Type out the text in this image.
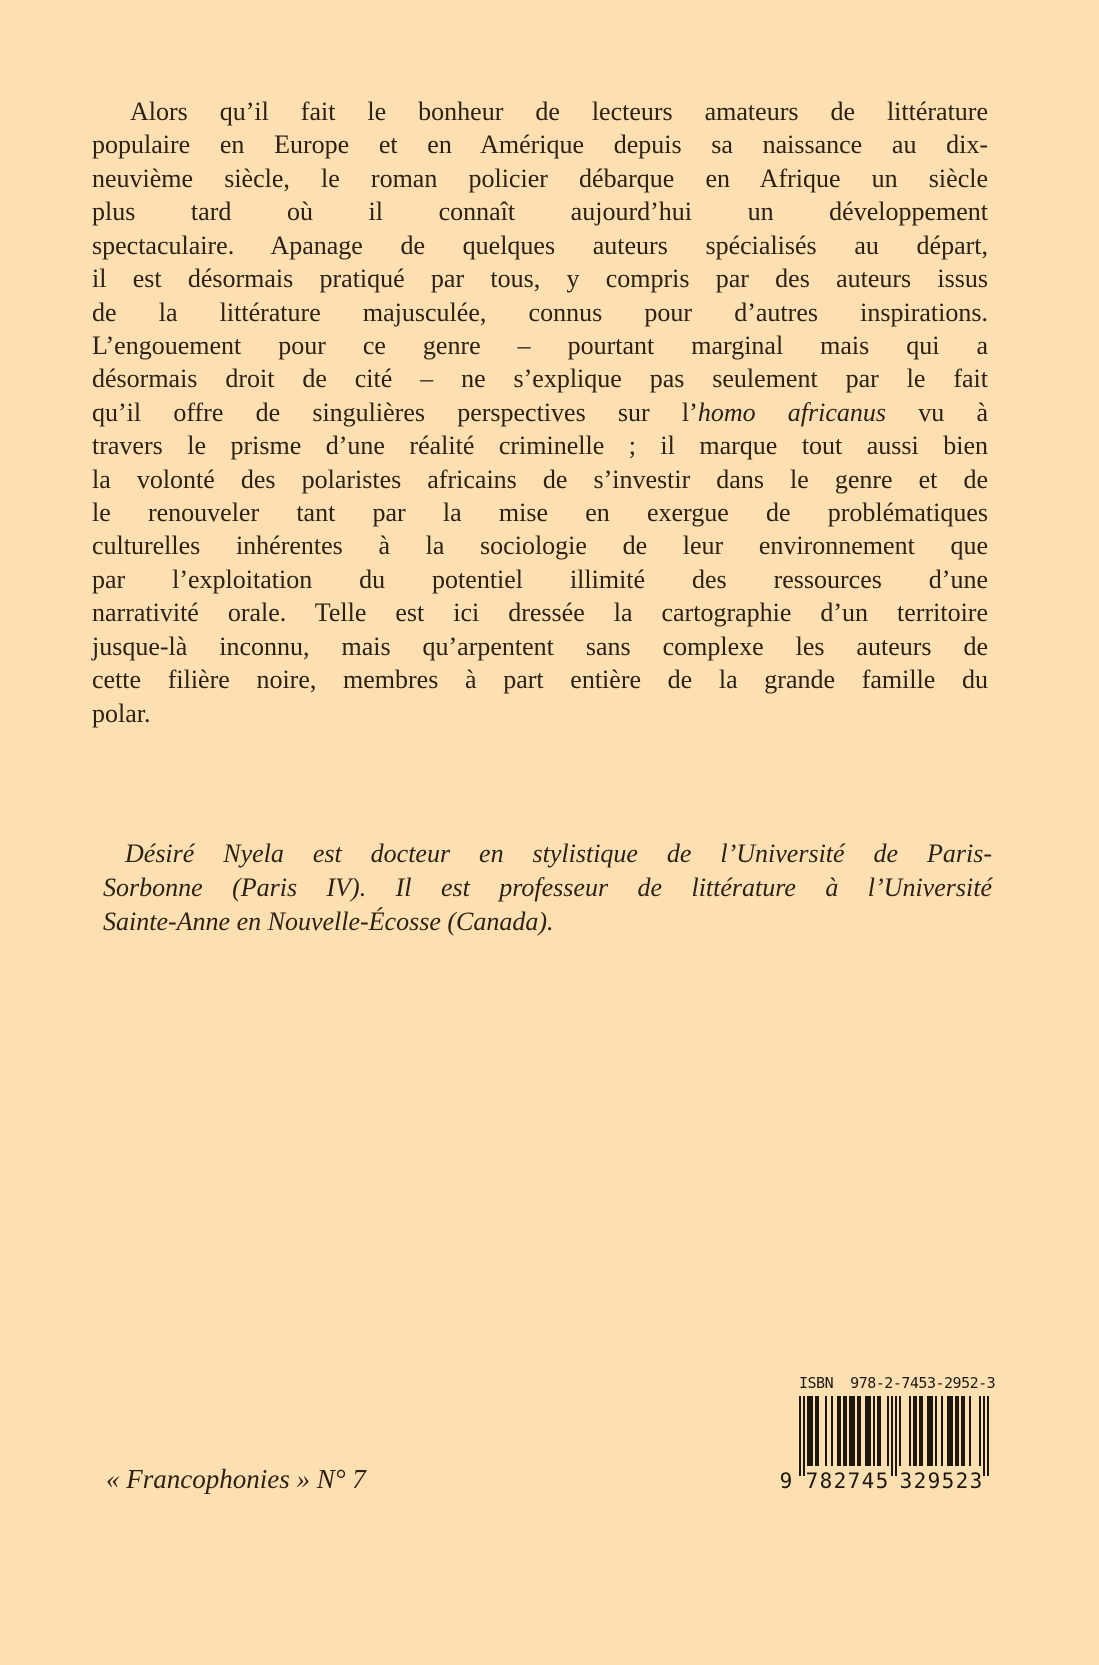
Alors qu’il fait le bonheur de lecteurs amateurs de littérature
populaire en Europe et en Amérique depuis sa naissance au dix-
neuvième siècle, le roman policier débarque en Afrique un siècle
plus tard où il connaît aujourd’hui un développement
spectaculaire. Apanage de quelques auteurs spécialisés au départ,
il est désormais pratiqué par tous, y compris par des auteurs issus
de la littérature majusculée, connus pour d’autres inspirations.
L’engouement pour ce genre – pourtant marginal mais qui a
désormais droit de cité – ne s’explique pas seulement par le fait
qu’il offre de singulières perspectives sur l’homo africanus vu à
travers le prisme d’une réalité criminelle ; il marque tout aussi bien
la volonté des polaristes africains de s’investir dans le genre et de
le renouveler tant par la mise en exergue de problématiques
culturelles inhérentes à la sociologie de leur environnement que
par l’exploitation du potentiel illimité des ressources d’une
narrativité orale. Telle est ici dressée la cartographie d’un territoire
jusque-là inconnu, mais qu’arpentent sans complexe les auteurs de
cette filière noire, membres à part entière de la grande famille du
polar.
Désiré Nyela est docteur en stylistique de l’Université de Paris-
Sorbonne (Paris IV). Il est professeur de littérature à l’Université
Sainte-Anne en Nouvelle-Écosse (Canada).
ISBN  978-2-7453-2952-3
9 7 8 2 7 4 5 3 2 9 5 2 3
« Francophonies » N° 7
